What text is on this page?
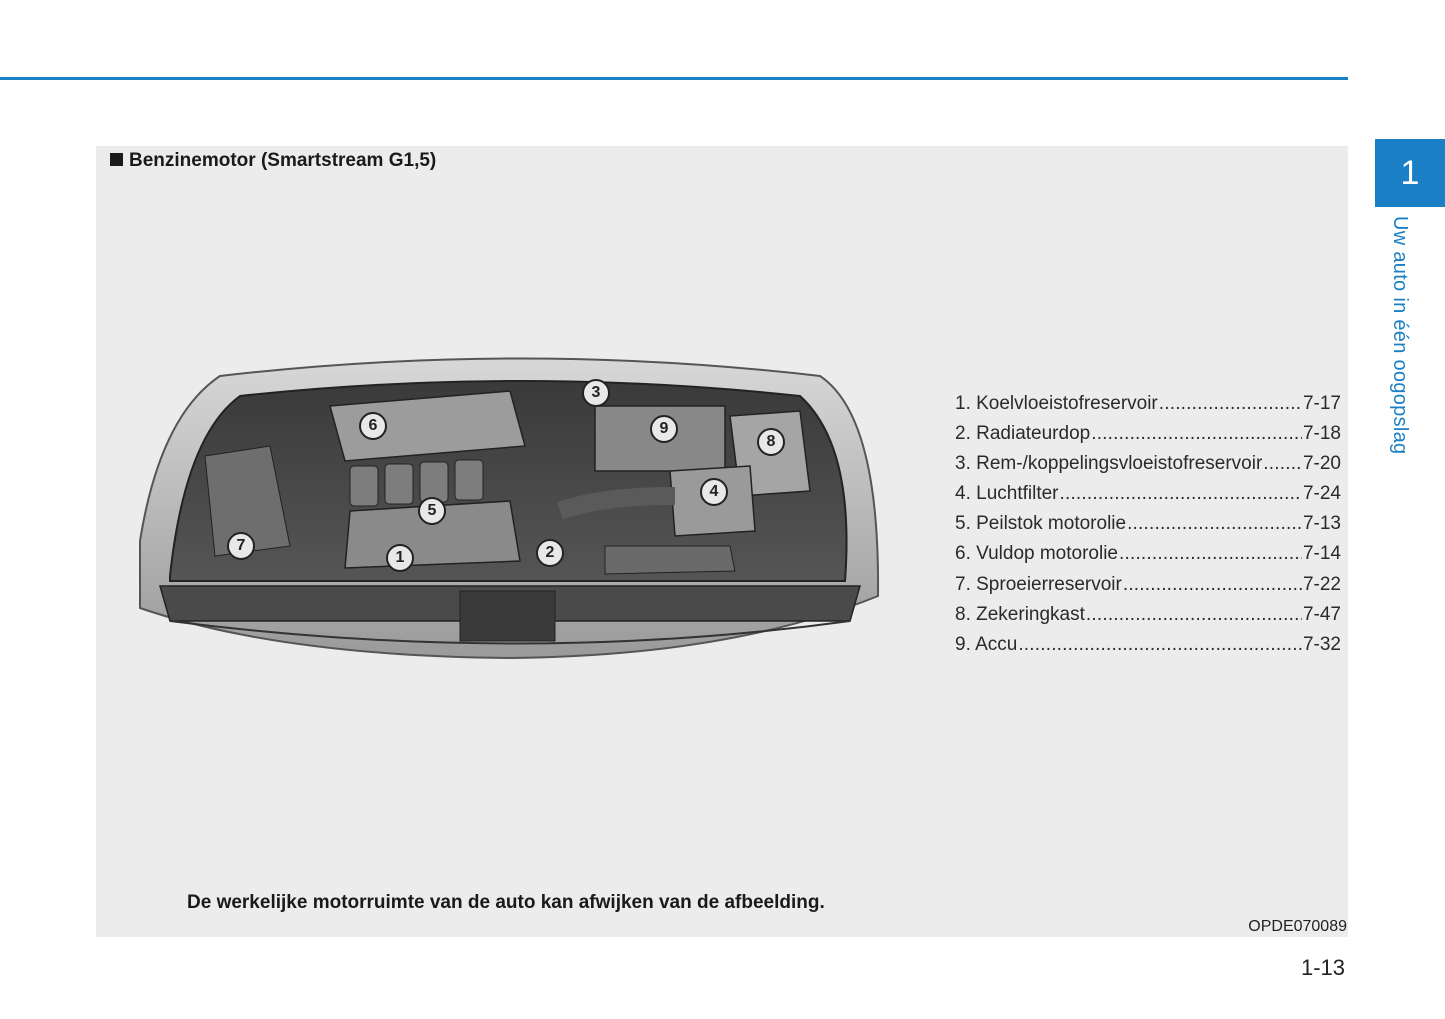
1
Uw auto in één oogopslag
Benzinemotor (Smartstream G1,5)
1	2
3
4
5
6
7
8
9
1. Koelvloeistofreservoir .....	7-17
2. Radiateurdop .....	7-18
3. Rem-/koppelingsvloeistofreservoir ..... 7-20
4. Luchtfilter .....	7-24
5. Peilstok motorolie .....	7-13
6. Vuldop motorolie .....	7-14
7. Sproeierreservoir .....	7-22
8. Zekeringkast .....	7-47
9. Accu .....	7-32
De werkelijke motorruimte van de auto kan afwijken van de afbeelding.
OPDE070089
1-13
